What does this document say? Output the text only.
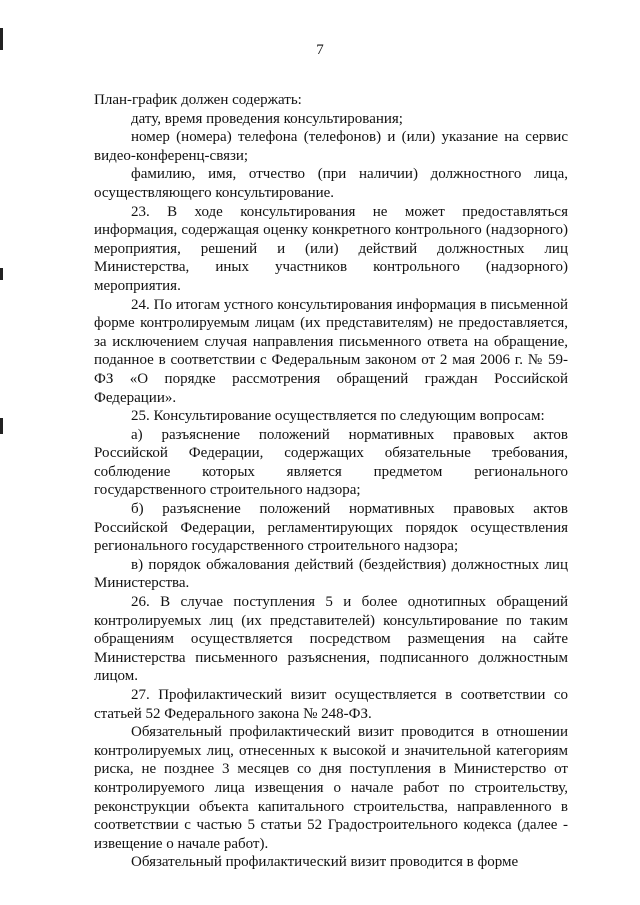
7

План-график должен содержать:

дату, время проведения консультирования;

номер (номера) телефона (телефонов) и (или) указание на сервис видео-конференц-связи;

фамилию, имя, отчество (при наличии) должностного лица, осуществляющего консультирование.

23. В ходе консультирования не может предоставляться информация, содержащая оценку конкретного контрольного (надзорного) мероприятия, решений и (или) действий должностных лиц Министерства, иных участников контрольного (надзорного) мероприятия.

24. По итогам устного консультирования информация в письменной форме контролируемым лицам (их представителям) не предоставляется, за исключением случая направления письменного ответа на обращение, поданное в соответствии с Федеральным законом от 2 мая 2006 г. № 59-ФЗ «О порядке рассмотрения обращений граждан Российской Федерации».

25. Консультирование осуществляется по следующим вопросам:

а) разъяснение положений нормативных правовых актов Российской Федерации, содержащих обязательные требования, соблюдение которых является предметом регионального государственного строительного надзора;

б) разъяснение положений нормативных правовых актов Российской Федерации, регламентирующих порядок осуществления регионального государственного строительного надзора;

в) порядок обжалования действий (бездействия) должностных лиц Министерства.

26. В случае поступления 5 и более однотипных обращений контролируемых лиц (их представителей) консультирование по таким обращениям осуществляется посредством размещения на сайте Министерства письменного разъяснения, подписанного должностным лицом.

27. Профилактический визит осуществляется в соответствии со статьей 52 Федерального закона № 248-ФЗ.

Обязательный профилактический визит проводится в отношении контролируемых лиц, отнесенных к высокой и значительной категориям риска, не позднее 3 месяцев со дня поступления в Министерство от контролируемого лица извещения о начале работ по строительству, реконструкции объекта капитального строительства, направленного в соответствии с частью 5 статьи 52 Градостроительного кодекса (далее - извещение о начале работ).

Обязательный профилактический визит проводится в форме
